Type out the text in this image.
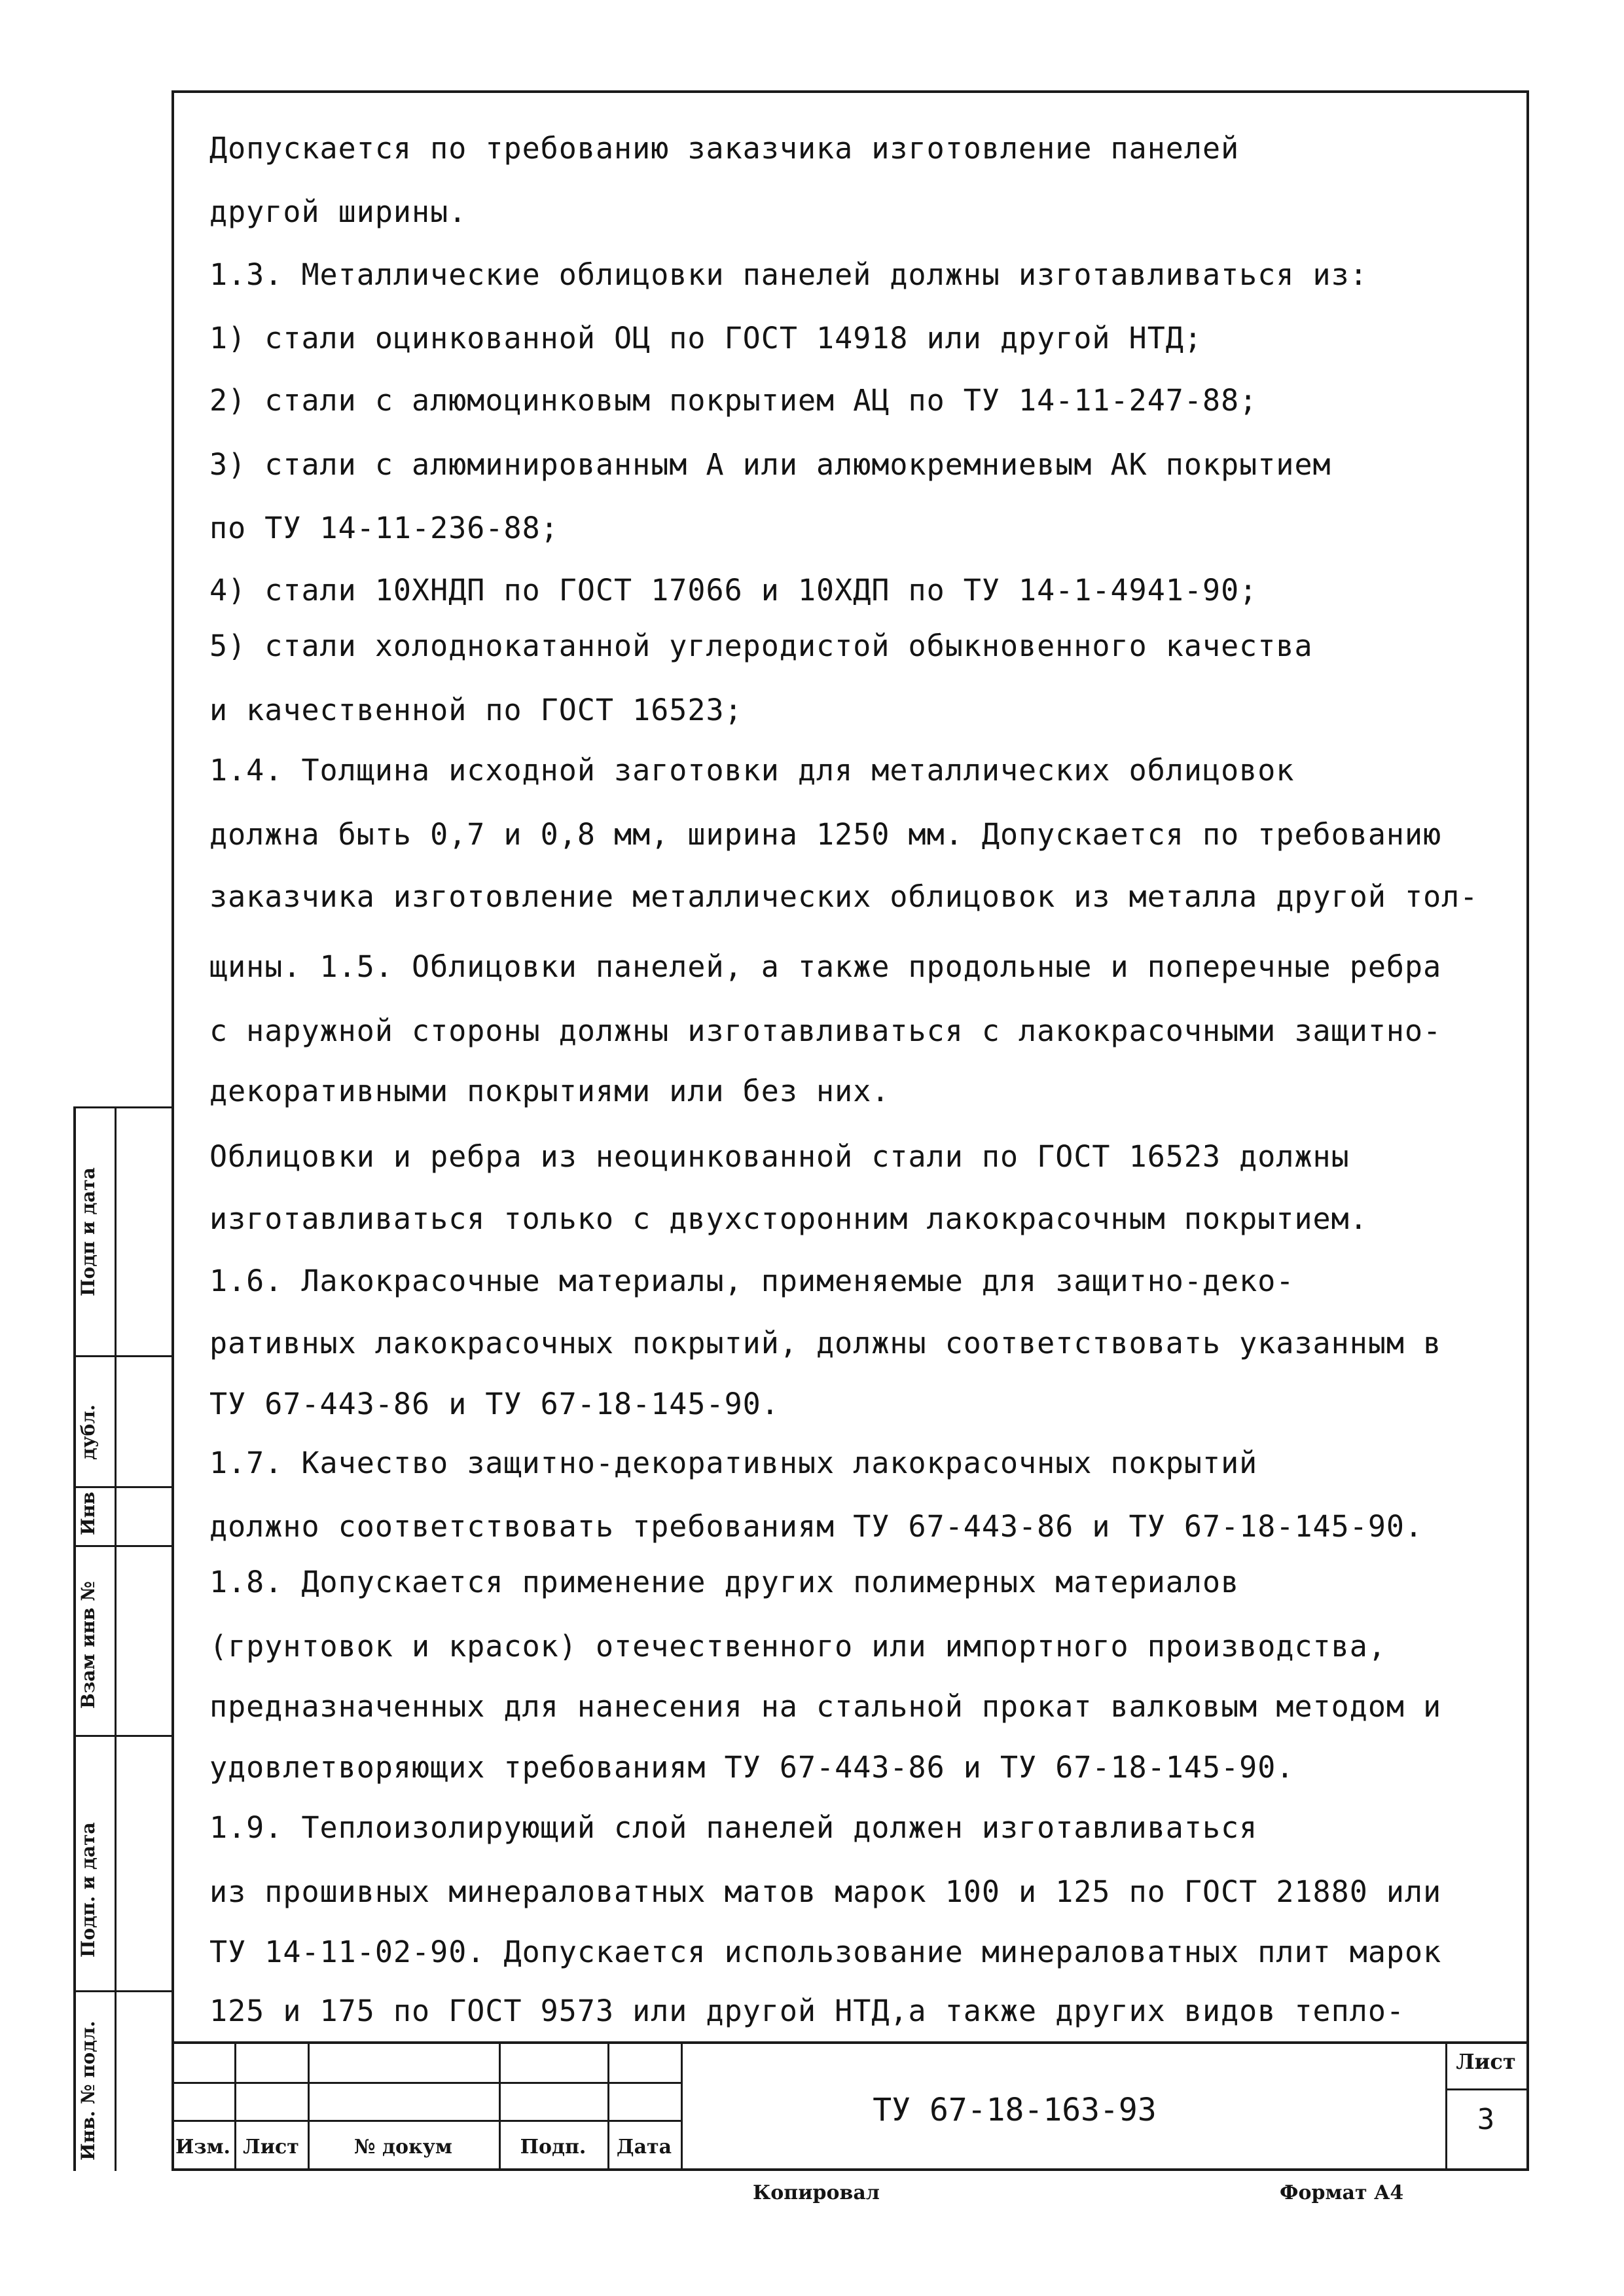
Допускается по требованию заказчика изготовление панелей
другой ширины.
1.3. Металлические облицовки панелей должны изготавливаться из:
1) стали оцинкованной ОЦ по ГОСТ 14918 или другой НТД;
2) стали с алюмоцинковым покрытием АЦ по ТУ 14-11-247-88;
3) стали с алюминированным А или алюмокремниевым АК покрытием
по ТУ 14-11-236-88;
4) стали 10ХНДП по ГОСТ 17066 и 10ХДП по ТУ 14-1-4941-90;
5) стали холоднокатанной углеродистой обыкновенного качества
и качественной по ГОСТ 16523;
1.4. Толщина исходной заготовки для металлических облицовок
должна быть 0,7 и 0,8 мм, ширина 1250 мм. Допускается по требованию
заказчика изготовление металлических облицовок из металла другой тол-
щины. 1.5. Облицовки панелей, а также продольные и поперечные ребра
с наружной стороны должны изготавливаться с лакокрасочными защитно-
декоративными покрытиями или без них.
Облицовки и ребра из неоцинкованной стали по ГОСТ 16523 должны
изготавливаться только с двухсторонним лакокрасочным покрытием.
1.6. Лакокрасочные материалы, применяемые для защитно-деко-
ративных лакокрасочных покрытий, должны соответствовать указанным в
ТУ 67-443-86 и ТУ 67-18-145-90.
1.7. Качество защитно-декоративных лакокрасочных покрытий
должно соответствовать требованиям ТУ 67-443-86 и ТУ 67-18-145-90.
1.8. Допускается применение других полимерных материалов
(грунтовок и красок) отечественного или импортного производства,
предназначенных для нанесения на стальной прокат валковым методом и
удовлетворяющих требованиям ТУ 67-443-86 и ТУ 67-18-145-90.
1.9. Теплоизолирующий слой панелей должен изготавливаться
из прошивных минераловатных матов марок 100 и 125 по ГОСТ 21880 или
ТУ 14-11-02-90. Допускается использование минераловатных плит марок
125 и 175 по ГОСТ 9573 или другой НТД,а также других видов тепло-
Подп и дата
дубл.
Инв
Взам инв №
Подп. и дата
Инв. № подл.	Изм. Лист	№ докум	Подп.	Дата
ТУ 67-18-163-93
Лист
3
Копировал	Формат А4
